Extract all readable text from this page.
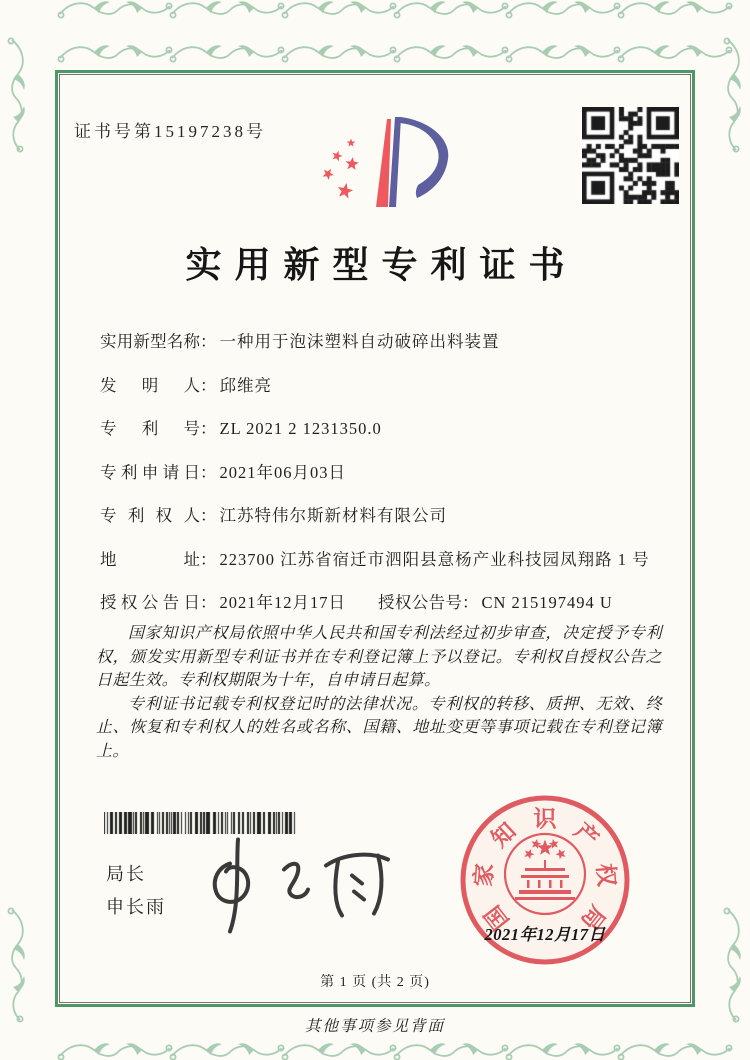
证书号第15197238号
实用新型专利证书
实用新型名称： 一种用于泡沫塑料自动破碎出料装置
发明人： 邱维亮
专利号： ZL 2021 2 1231350.0
专利申请日： 2021年06月03日
专利权人： 江苏特伟尔斯新材料有限公司
地址： 223700 江苏省宿迁市泗阳县意杨产业科技园凤翔路 1 号
授权公告日： 2021年12月17日 授权公告号： CN 215197494 U

国家知识产权局依照中华人民共和国专利法经过初步审查，决定授予专利权，颁发实用新型专利证书并在专利登记簿上予以登记。专利权自授权公告之日起生效。专利权期限为十年，自申请日起算。

专利证书记载专利权登记时的法律状况。专利权的转移、质押、无效、终止、恢复和专利权人的姓名或名称、国籍、地址变更等事项记载在专利登记簿上。

局长
申长雨	国
家
知 识 产
权
局
2021年12月17日
第 1 页 (共 2 页)
其他事项参见背面
